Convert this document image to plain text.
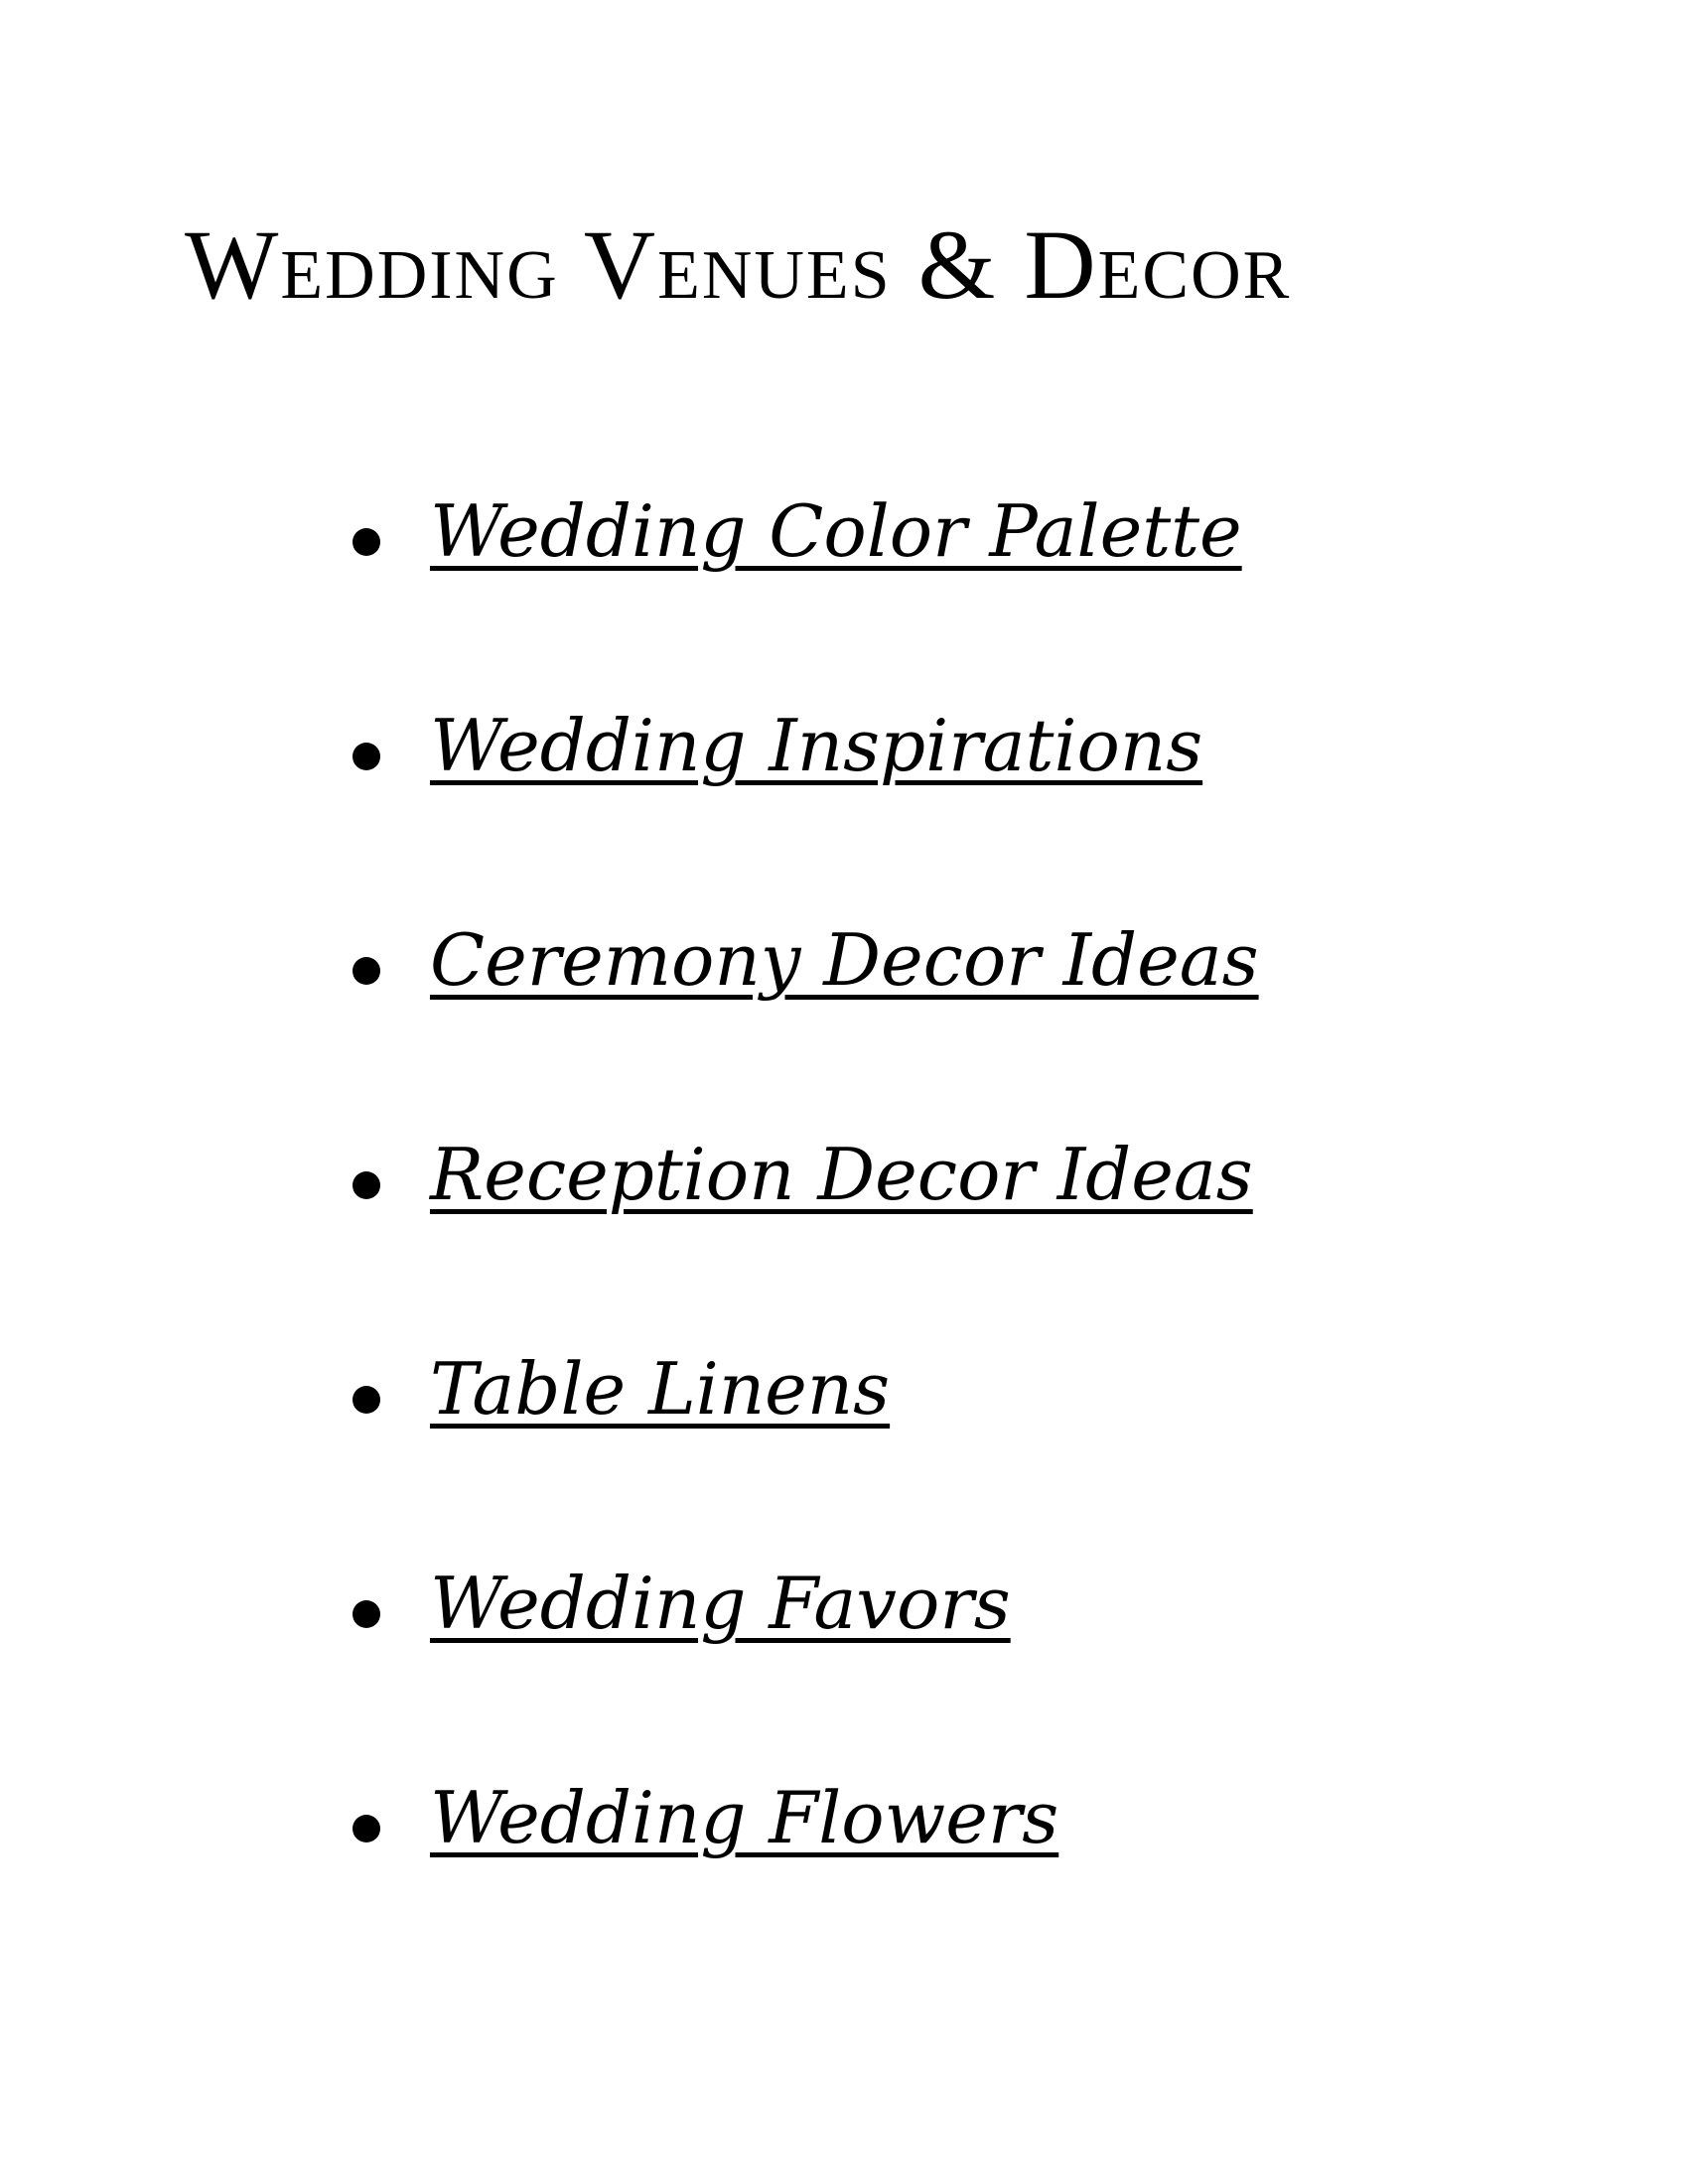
Wedding Venues & Decor
Wedding Color Palette
Wedding Inspirations
Ceremony Decor Ideas
Reception Decor Ideas
Table Linens
Wedding Favors
Wedding Flowers
